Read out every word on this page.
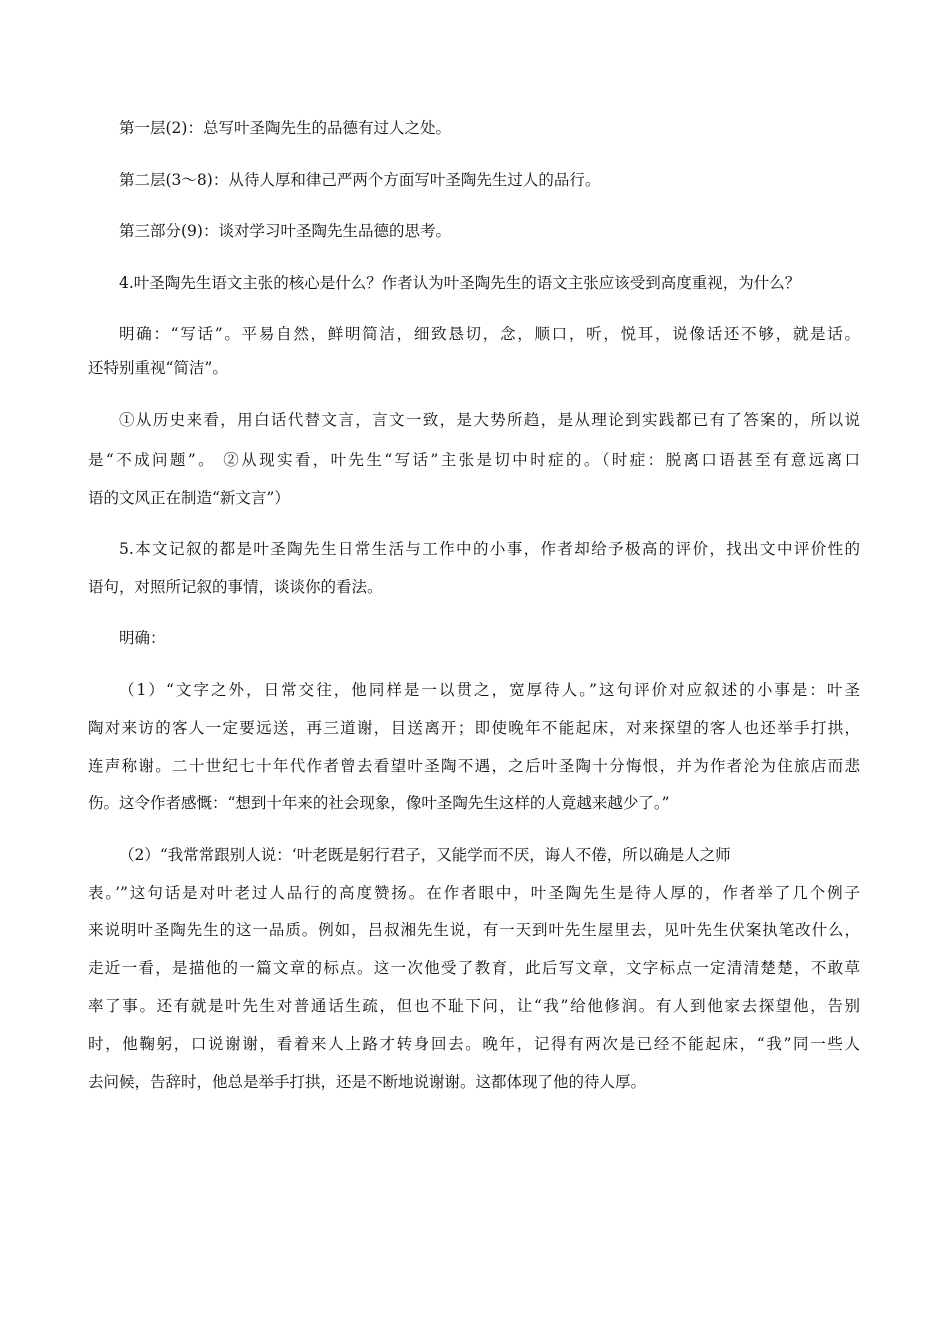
第一层(2)：总写叶圣陶先生的品德有过人之处。
第二层(3～8)：从待人厚和律己严两个方面写叶圣陶先生过人的品行。
第三部分(9)：谈对学习叶圣陶先生品德的思考。
4.叶圣陶先生语文主张的核心是什么？作者认为叶圣陶先生的语文主张应该受到高度重视，为什么？
明确：“写话”。平易自然，鲜明简洁，细致恳切，念，顺口，听，悦耳，说像话还不够，就是话。
还特别重视“简洁”。
①从历史来看，用白话代替文言，言文一致，是大势所趋，是从理论到实践都已有了答案的，所以说
是“不成问题”。 ②从现实看，叶先生“写话”主张是切中时症的。（时症：脱离口语甚至有意远离口
语的文风正在制造“新文言”）
5.本文记叙的都是叶圣陶先生日常生活与工作中的小事，作者却给予极高的评价，找出文中评价性的
语句，对照所记叙的事情，谈谈你的看法。
明确：
（1）“文字之外，日常交往，他同样是一以贯之，宽厚待人。”这句评价对应叙述的小事是：叶圣
陶对来访的客人一定要远送，再三道谢，目送离开；即使晚年不能起床，对来探望的客人也还举手打拱，
连声称谢。二十世纪七十年代作者曾去看望叶圣陶不遇，之后叶圣陶十分悔恨，并为作者沦为住旅店而悲
伤。这令作者感慨：“想到十年来的社会现象，像叶圣陶先生这样的人竟越来越少了。”
（2）“我常常跟别人说：‘叶老既是躬行君子，又能学而不厌，诲人不倦，所以确是人之师
表。’”这句话是对叶老过人品行的高度赞扬。在作者眼中，叶圣陶先生是待人厚的，作者举了几个例子
来说明叶圣陶先生的这一品质。例如，吕叔湘先生说，有一天到叶先生屋里去，见叶先生伏案执笔改什么，
走近一看，是描他的一篇文章的标点。这一次他受了教育，此后写文章，文字标点一定清清楚楚，不敢草
率了事。还有就是叶先生对普通话生疏，但也不耻下问，让“我”给他修润。有人到他家去探望他，告别
时，他鞠躬，口说谢谢，看着来人上路才转身回去。晚年，记得有两次是已经不能起床，“我”同一些人
去问候，告辞时，他总是举手打拱，还是不断地说谢谢。这都体现了他的待人厚。
